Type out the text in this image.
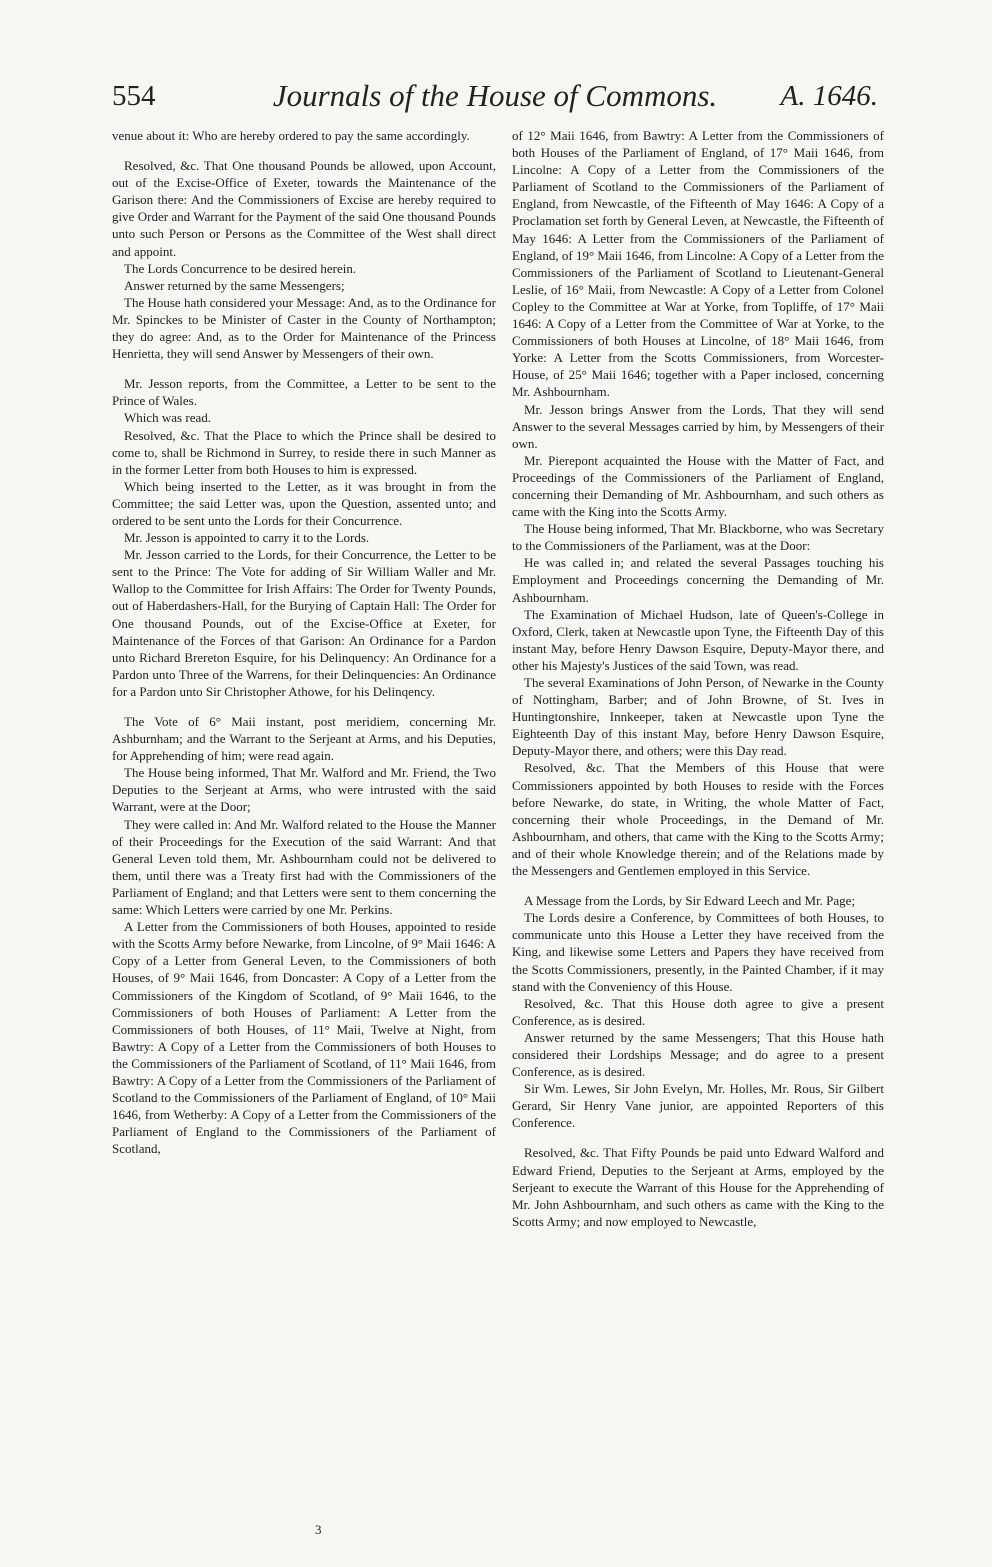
554	Journals of the House of Commons.	A. 1646.

venue about it: Who are hereby ordered to pay the same accordingly.

Resolved, &c. That One thousand Pounds be allowed, upon Account, out of the Excise-Office of Exeter, towards the Maintenance of the Garison there: And the Commissioners of Excise are hereby required to give Order and Warrant for the Payment of the said One thousand Pounds unto such Person or Persons as the Committee of the West shall direct and appoint.

The Lords Concurrence to be desired herein.

Answer returned by the same Messengers;

The House hath considered your Message: And, as to the Ordinance for Mr. Spinckes to be Minister of Caster in the County of Northampton; they do agree: And, as to the Order for Maintenance of the Princess Henrietta, they will send Answer by Messengers of their own.

Mr. Jesson reports, from the Committee, a Letter to be sent to the Prince of Wales.

Which was read.

Resolved, &c. That the Place to which the Prince shall be desired to come to, shall be Richmond in Surrey, to reside there in such Manner as in the former Letter from both Houses to him is expressed.

Which being inserted to the Letter, as it was brought in from the Committee; the said Letter was, upon the Question, assented unto; and ordered to be sent unto the Lords for their Concurrence.

Mr. Jesson is appointed to carry it to the Lords.

Mr. Jesson carried to the Lords, for their Concurrence, the Letter to be sent to the Prince: The Vote for adding of Sir William Waller and Mr. Wallop to the Committee for Irish Affairs: The Order for Twenty Pounds, out of Haberdashers-Hall, for the Burying of Captain Hall: The Order for One thousand Pounds, out of the Excise-Office at Exeter, for Maintenance of the Forces of that Garison: An Ordinance for a Pardon unto Richard Brereton Esquire, for his Delinquency: An Ordinance for a Pardon unto Three of the Warrens, for their Delinquencies: An Ordinance for a Pardon unto Sir Christopher Athowe, for his Delinqency.

The Vote of 6° Maii instant, post meridiem, concerning Mr. Ashburnham; and the Warrant to the Serjeant at Arms, and his Deputies, for Apprehending of him; were read again.

The House being informed, That Mr. Walford and Mr. Friend, the Two Deputies to the Serjeant at Arms, who were intrusted with the said Warrant, were at the Door;

They were called in: And Mr. Walford related to the House the Manner of their Proceedings for the Execution of the said Warrant: And that General Leven told them, Mr. Ashbournham could not be delivered to them, until there was a Treaty first had with the Commissioners of the Parliament of England; and that Letters were sent to them concerning the same: Which Letters were carried by one Mr. Perkins.

A Letter from the Commissioners of both Houses, appointed to reside with the Scotts Army before Newarke, from Lincolne, of 9° Maii 1646: A Copy of a Letter from General Leven, to the Commissioners of both Houses, of 9° Maii 1646, from Doncaster: A Copy of a Letter from the Commissioners of the Kingdom of Scotland, of 9° Maii 1646, to the Commissioners of both Houses of Parliament: A Letter from the Commissioners of both Houses, of 11° Maii, Twelve at Night, from Bawtry: A Copy of a Letter from the Commissioners of both Houses to the Commissioners of the Parliament of Scotland, of 11° Maii 1646, from Bawtry: A Copy of a Letter from the Commissioners of the Parliament of Scotland to the Commissioners of the Parliament of England, of 10° Maii 1646, from Wetherby: A Copy of a Letter from the Commissioners of the Parliament of England to the Commissioners of the Parliament of Scotland,

of 12° Maii 1646, from Bawtry: A Letter from the Commissioners of both Houses of the Parliament of England, of 17° Maii 1646, from Lincolne: A Copy of a Letter from the Commissioners of the Parliament of Scotland to the Commissioners of the Parliament of England, from Newcastle, of the Fifteenth of May 1646: A Copy of a Proclamation set forth by General Leven, at Newcastle, the Fifteenth of May 1646: A Letter from the Commissioners of the Parliament of England, of 19° Maii 1646, from Lincolne: A Copy of a Letter from the Commissioners of the Parliament of Scotland to Lieutenant-General Leslie, of 16° Maii, from Newcastle: A Copy of a Letter from Colonel Copley to the Committee at War at Yorke, from Topliffe, of 17° Maii 1646: A Copy of a Letter from the Committee of War at Yorke, to the Commissioners of both Houses at Lincolne, of 18° Maii 1646, from Yorke: A Letter from the Scotts Commissioners, from Worcester-House, of 25° Maii 1646; together with a Paper inclosed, concerning Mr. Ashbournham.

Mr. Jesson brings Answer from the Lords, That they will send Answer to the several Messages carried by him, by Messengers of their own.

Mr. Pierepont acquainted the House with the Matter of Fact, and Proceedings of the Commissioners of the Parliament of England, concerning their Demanding of Mr. Ashbournham, and such others as came with the King into the Scotts Army.

The House being informed, That Mr. Blackborne, who was Secretary to the Commissioners of the Parliament, was at the Door:

He was called in; and related the several Passages touching his Employment and Proceedings concerning the Demanding of Mr. Ashbournham.

The Examination of Michael Hudson, late of Queen's-College in Oxford, Clerk, taken at Newcastle upon Tyne, the Fifteenth Day of this instant May, before Henry Dawson Esquire, Deputy-Mayor there, and other his Majesty's Justices of the said Town, was read.

The several Examinations of John Person, of Newarke in the County of Nottingham, Barber; and of John Browne, of St. Ives in Huntingtonshire, Innkeeper, taken at Newcastle upon Tyne the Eighteenth Day of this instant May, before Henry Dawson Esquire, Deputy-Mayor there, and others; were this Day read.

Resolved, &c. That the Members of this House that were Commissioners appointed by both Houses to reside with the Forces before Newarke, do state, in Writing, the whole Matter of Fact, concerning their whole Proceedings, in the Demand of Mr. Ashbournham, and others, that came with the King to the Scotts Army; and of their whole Knowledge therein; and of the Relations made by the Messengers and Gentlemen employed in this Service.

A Message from the Lords, by Sir Edward Leech and Mr. Page;

The Lords desire a Conference, by Committees of both Houses, to communicate unto this House a Letter they have received from the King, and likewise some Letters and Papers they have received from the Scotts Commissioners, presently, in the Painted Chamber, if it may stand with the Conveniency of this House.

Resolved, &c. That this House doth agree to give a present Conference, as is desired.

Answer returned by the same Messengers; That this House hath considered their Lordships Message; and do agree to a present Conference, as is desired.

Sir Wm. Lewes, Sir John Evelyn, Mr. Holles, Mr. Rous, Sir Gilbert Gerard, Sir Henry Vane junior, are appointed Reporters of this Conference.

Resolved, &c. That Fifty Pounds be paid unto Edward Walford and Edward Friend, Deputies to the Serjeant at Arms, employed by the Serjeant to execute the Warrant of this House for the Apprehending of Mr. John Ashbournham, and such others as came with the King to the Scotts Army; and now employed to Newcastle,

3
